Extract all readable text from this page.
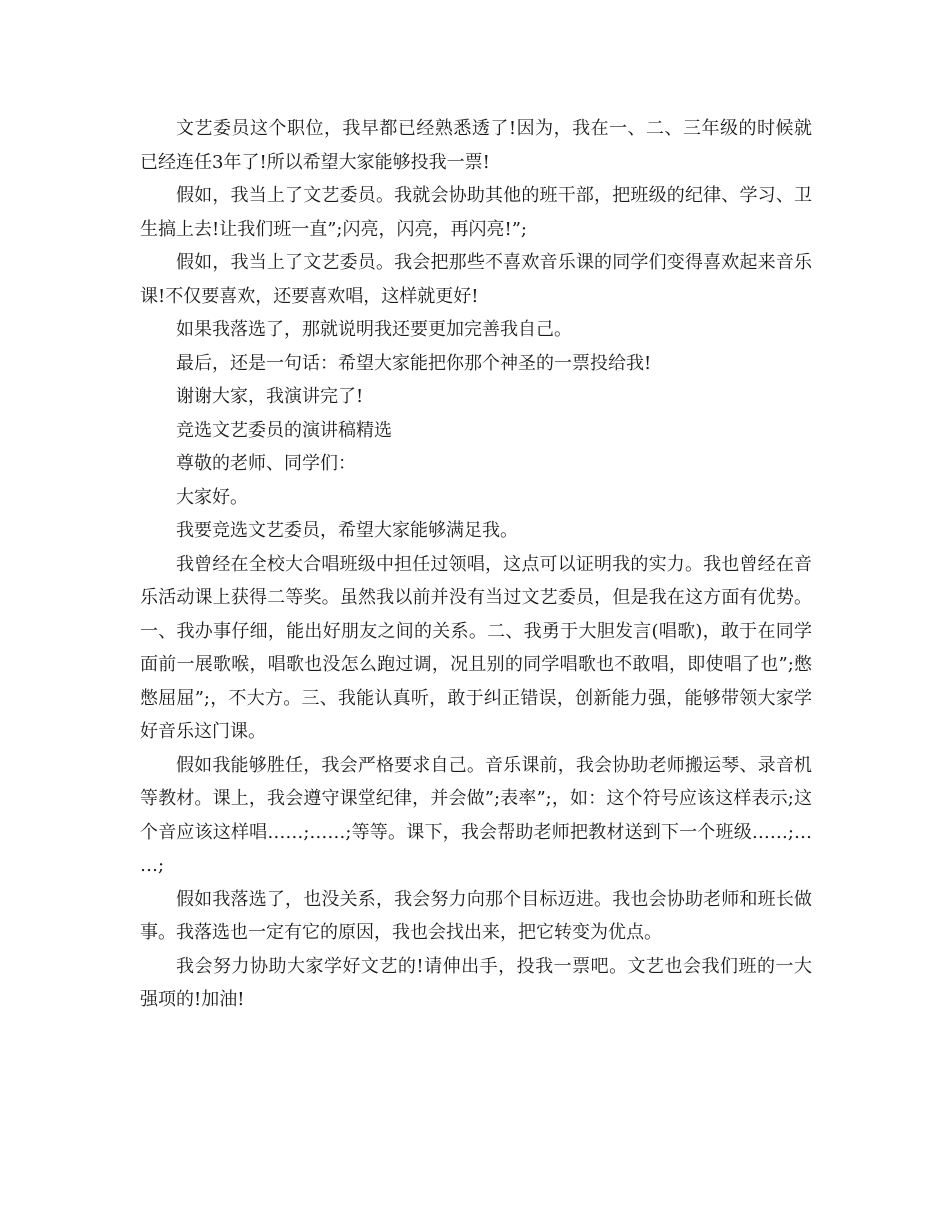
文艺委员这个职位，我早都已经熟悉透了!因为，我在一、二、三年级的时候就已经连任3年了!所以希望大家能够投我一票!

假如，我当上了文艺委员。我就会协助其他的班干部，把班级的纪律、学习、卫生搞上去!让我们班一直”;闪亮，闪亮，再闪亮!”;

假如，我当上了文艺委员。我会把那些不喜欢音乐课的同学们变得喜欢起来音乐课!不仅要喜欢，还要喜欢唱，这样就更好!

如果我落选了，那就说明我还要更加完善我自己。

最后，还是一句话：希望大家能把你那个神圣的一票投给我!

谢谢大家，我演讲完了!

竞选文艺委员的演讲稿精选

尊敬的老师、同学们：

大家好。

我要竞选文艺委员，希望大家能够满足我。

我曾经在全校大合唱班级中担任过领唱，这点可以证明我的实力。我也曾经在音乐活动课上获得二等奖。虽然我以前并没有当过文艺委员，但是我在这方面有优势。一、我办事仔细，能出好朋友之间的关系。二、我勇于大胆发言(唱歌)，敢于在同学面前一展歌喉，唱歌也没怎么跑过调，况且别的同学唱歌也不敢唱，即使唱了也”;憋憋屈屈”;，不大方。三、我能认真听，敢于纠正错误，创新能力强，能够带领大家学好音乐这门课。

假如我能够胜任，我会严格要求自己。音乐课前，我会协助老师搬运琴、录音机等教材。课上，我会遵守课堂纪律，并会做”;表率”;，如：这个符号应该这样表示;这个音应该这样唱……;……;等等。课下，我会帮助老师把教材送到下一个班级……;……;

假如我落选了，也没关系，我会努力向那个目标迈进。我也会协助老师和班长做事。我落选也一定有它的原因，我也会找出来，把它转变为优点。

我会努力协助大家学好文艺的!请伸出手，投我一票吧。文艺也会我们班的一大强项的!加油!
